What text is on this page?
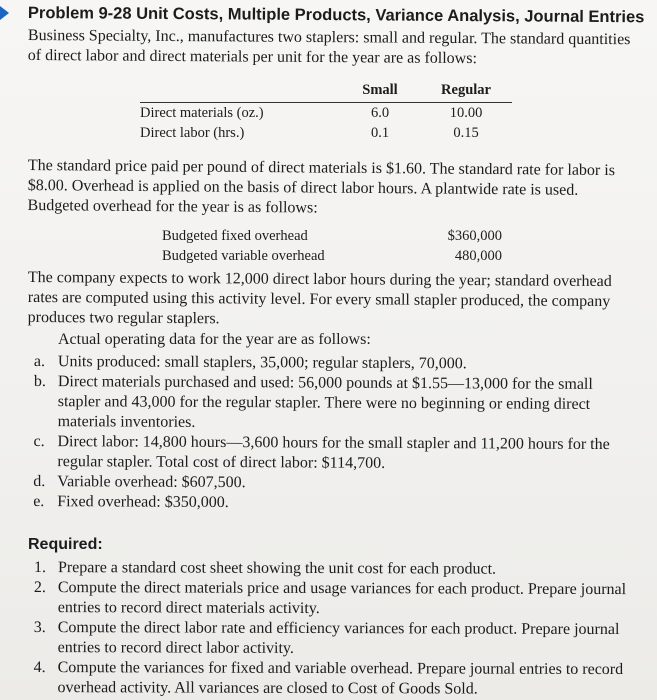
Problem 9-28 Unit Costs, Multiple Products, Variance Analysis, Journal Entries
Business Specialty, Inc., manufactures two staplers: small and regular. The standard quantities of direct labor and direct materials per unit for the year are as follows:
	Small	Regular
Direct materials (oz.)	6.0	10.00
Direct labor (hrs.)	0.1	0.15
The standard price paid per pound of direct materials is $1.60. The standard rate for labor is $8.00. Overhead is applied on the basis of direct labor hours. A plantwide rate is used. Budgeted overhead for the year is as follows:
Budgeted fixed overhead	$360,000
Budgeted variable overhead	480,000
The company expects to work 12,000 direct labor hours during the year; standard overhead rates are computed using this activity level. For every small stapler produced, the company produces two regular staplers.
Actual operating data for the year are as follows:
a. Units produced: small staplers, 35,000; regular staplers, 70,000.
b. Direct materials purchased and used: 56,000 pounds at $1.55—13,000 for the small stapler and 43,000 for the regular stapler. There were no beginning or ending direct materials inventories.
c. Direct labor: 14,800 hours—3,600 hours for the small stapler and 11,200 hours for the regular stapler. Total cost of direct labor: $114,700.
d. Variable overhead: $607,500.
e. Fixed overhead: $350,000.
Required:
1. Prepare a standard cost sheet showing the unit cost for each product.
2. Compute the direct materials price and usage variances for each product. Prepare journal entries to record direct materials activity.
3. Compute the direct labor rate and efficiency variances for each product. Prepare journal entries to record direct labor activity.
4. Compute the variances for fixed and variable overhead. Prepare journal entries to record overhead activity. All variances are closed to Cost of Goods Sold.
